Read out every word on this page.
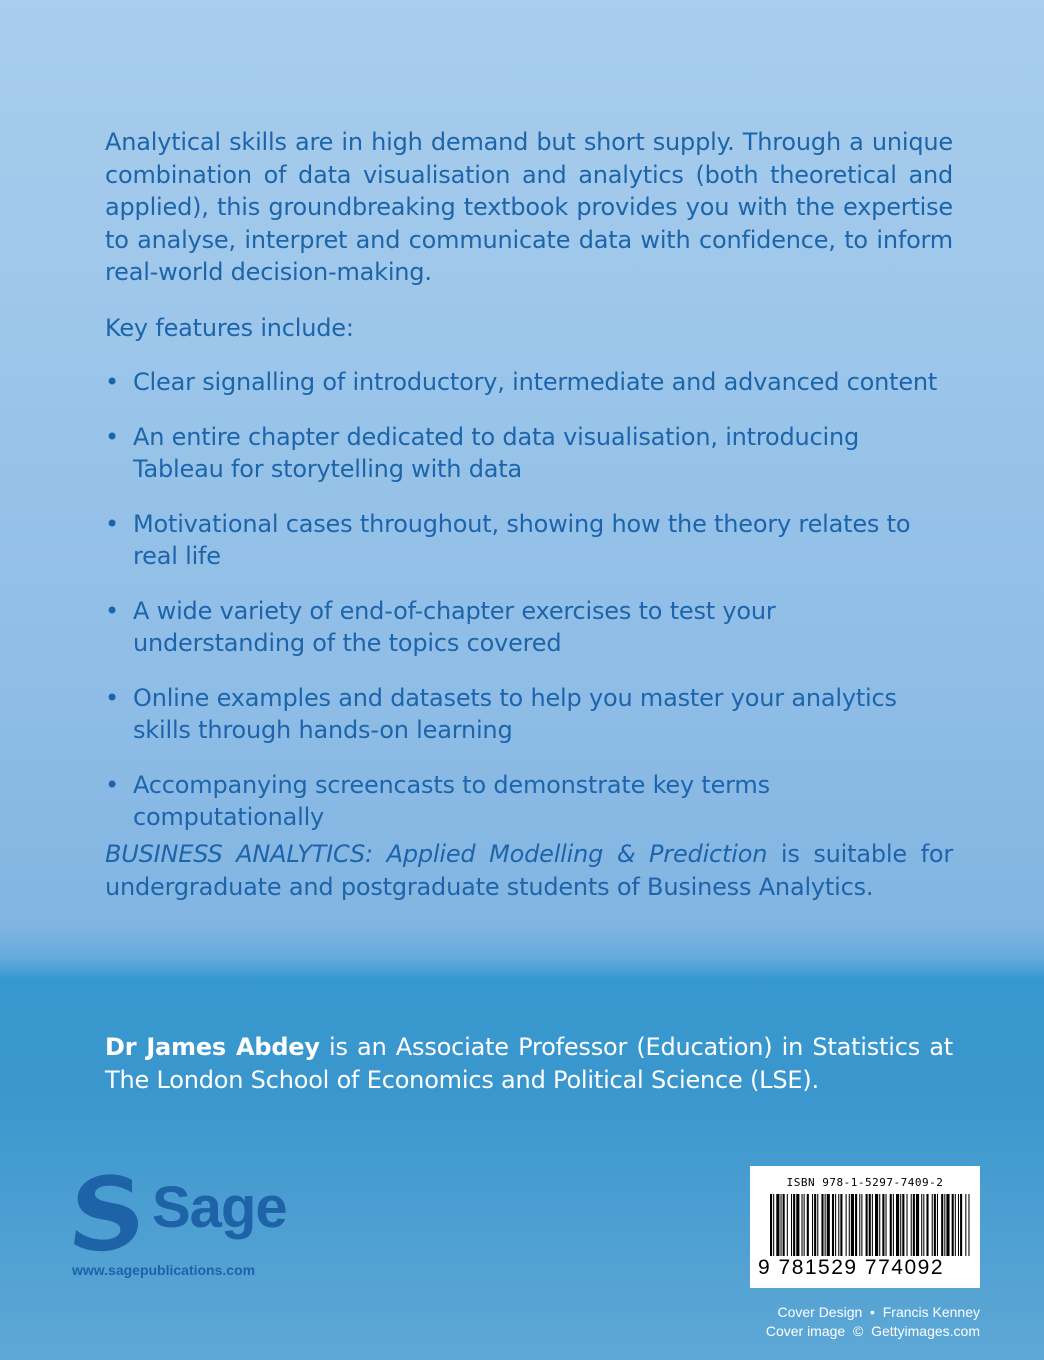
Analytical skills are in high demand but short supply. Through a unique combination of data visualisation and analytics (both theoretical and applied), this groundbreaking textbook provides you with the expertise to analyse, interpret and communicate data with confidence, to inform real-world decision-making.

Key features include:

• Clear signalling of introductory, intermediate and advanced content
• An entire chapter dedicated to data visualisation, introducing Tableau for storytelling with data
• Motivational cases throughout, showing how the theory relates to real life
• A wide variety of end-of-chapter exercises to test your understanding of the topics covered
• Online examples and datasets to help you master your analytics skills through hands-on learning
• Accompanying screencasts to demonstrate key terms computationally

BUSINESS ANALYTICS: Applied Modelling & Prediction is suitable for undergraduate and postgraduate students of Business Analytics.

Dr James Abdey is an Associate Professor (Education) in Statistics at The London School of Economics and Political Science (LSE).

Sage
www.sagepublications.com
ISBN 978-1-5297-7409-2
9 781529 774092
Cover Design  •  Francis Kenney
Cover image  ©  Gettyimages.com
